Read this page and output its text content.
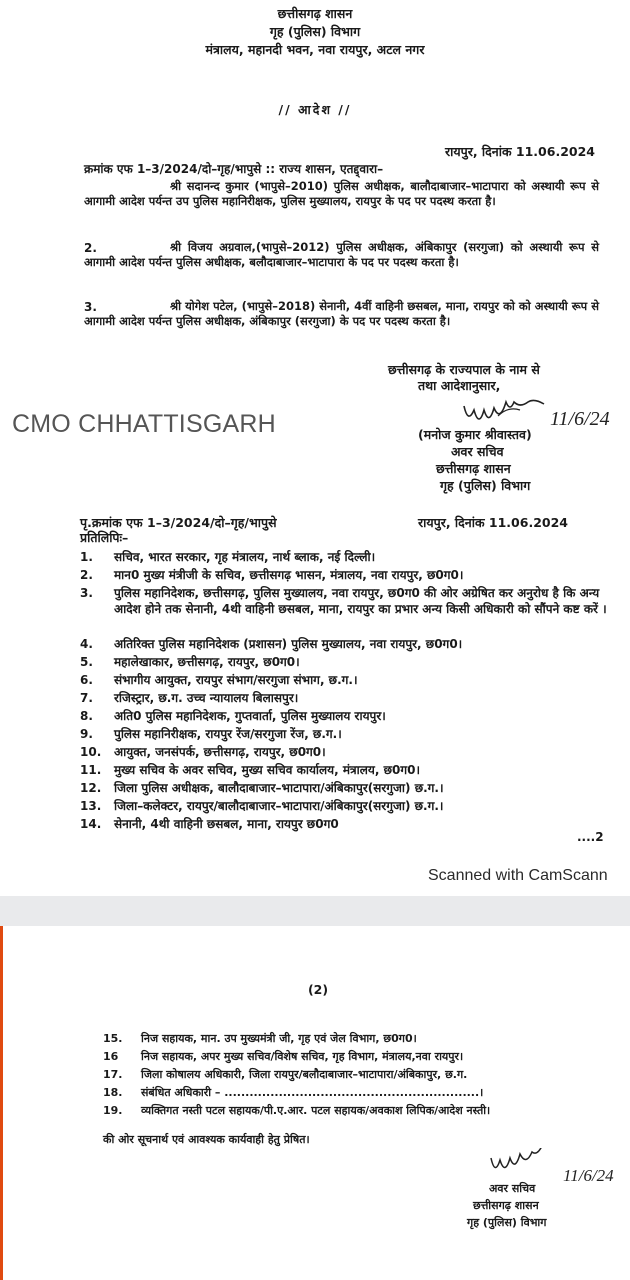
छत्तीसगढ़ शासन
गृह (पुलिस) विभाग
मंत्रालय, महानदी भवन, नवा रायपुर, अटल नगर
// आदेश //
रायपुर, दिनांक 11.06.2024
क्रमांक एफ 1–3/2024/दो–गृह/भापुसे :: राज्य शासन, एतद्द्वारा–
श्री सदानन्द कुमार (भापुसे–2010) पुलिस अधीक्षक, बालौदाबाजार–भाटापारा को अस्थायी रूप से आगामी आदेश पर्यन्त उप पुलिस महानिरीक्षक, पुलिस मुख्यालय, रायपुर के पद पर पदस्थ करता है।
2.	श्री विजय अग्रवाल,(भापुसे–2012) पुलिस अधीक्षक, अंबिकापुर (सरगुजा) को अस्थायी रूप से आगामी आदेश पर्यन्त पुलिस अधीक्षक, बलौदाबाजार–भाटापारा के पद पर पदस्थ करता है।
3.	श्री योगेश पटेल, (भापुसे–2018) सेनानी, 4वीं वाहिनी छसबल, माना, रायपुर को को अस्थायी रूप से आगामी आदेश पर्यन्त पुलिस अधीक्षक, अंबिकापुर (सरगुजा) के पद पर पदस्थ करता है।
छत्तीसगढ़ के राज्यपाल के नाम से
तथा आदेशानुसार,
11/6/24
(मनोज कुमार श्रीवास्तव)
अवर सचिव
छत्तीसगढ़ शासन
गृह (पुलिस) विभाग
CMO CHHATTISGARH
पृ.क्रमांक एफ 1–3/2024/दो–गृह/भापुसे	रायपुर, दिनांक 11.06.2024
प्रतिलिपिः–
1.	सचिव, भारत सरकार, गृह मंत्रालय, नार्थ ब्लाक, नई दिल्ली।
2.	मान0 मुख्य मंत्रीजी के सचिव, छत्तीसगढ़ भासन, मंत्रालय, नवा रायपुर, छ0ग0।
3.	पुलिस महानिदेशक, छत्तीसगढ़, पुलिस मुख्यालय, नवा रायपुर, छ0ग0 की ओर अग्रेषित कर अनुरोध है कि अन्य आदेश होने तक सेनानी, 4थी वाहिनी छसबल, माना, रायपुर का प्रभार अन्य किसी अधिकारी को सौंपने कष्ट करें ।
4.	अतिरिक्त पुलिस महानिदेशक (प्रशासन) पुलिस मुख्यालय, नवा रायपुर, छ0ग0।
5.	महालेखाकार, छत्तीसगढ़, रायपुर, छ0ग0।
6.	संभागीय आयुक्त, रायपुर संभाग/सरगुजा संभाग, छ.ग.।
7.	रजिस्ट्रार, छ.ग. उच्च न्यायालय बिलासपुर।
8.	अति0 पुलिस महानिदेशक, गुप्तवार्ता, पुलिस मुख्यालय रायपुर।
9.	पुलिस महानिरीक्षक, रायपुर रेंज/सरगुजा रेंज, छ.ग.।
10.	आयुक्त, जनसंपर्क, छत्तीसगढ़, रायपुर, छ0ग0।
11.	मुख्य सचिव के अवर सचिव, मुख्य सचिव कार्यालय, मंत्रालय, छ0ग0।
12.	जिला पुलिस अधीक्षक, बालौदाबाजार–भाटापारा/अंबिकापुर(सरगुजा) छ.ग.।
13.	जिला–कलेक्टर, रायपुर/बालौदाबाजार–भाटापारा/अंबिकापुर(सरगुजा) छ.ग.।
14.	सेनानी, 4थी वाहिनी छसबल, माना, रायपुर छ0ग0
....2
Scanned with CamScann
(2)
15.	निज सहायक, मान. उप मुख्यमंत्री जी, गृह एवं जेल विभाग, छ0ग0।
16	निज सहायक, अपर मुख्य सचिव/विशेष सचिव, गृह विभाग, मंत्रालय,नवा रायपुर।
17.	जिला कोषालय अधिकारी, जिला रायपुर/बलौदाबाजार–भाटापारा/अंबिकापुर, छ.ग.
18.	संबंधित अधिकारी – .............................................................।
19.	व्यक्तिगत नस्ती पटल सहायक/पी.ए.आर. पटल सहायक/अवकाश लिपिक/आदेश नस्ती।
की ओर सूचनार्थ एवं आवश्यक कार्यवाही हेतु प्रेषित।
11/6/24
अवर सचिव
छत्तीसगढ़ शासन
गृह (पुलिस) विभाग
